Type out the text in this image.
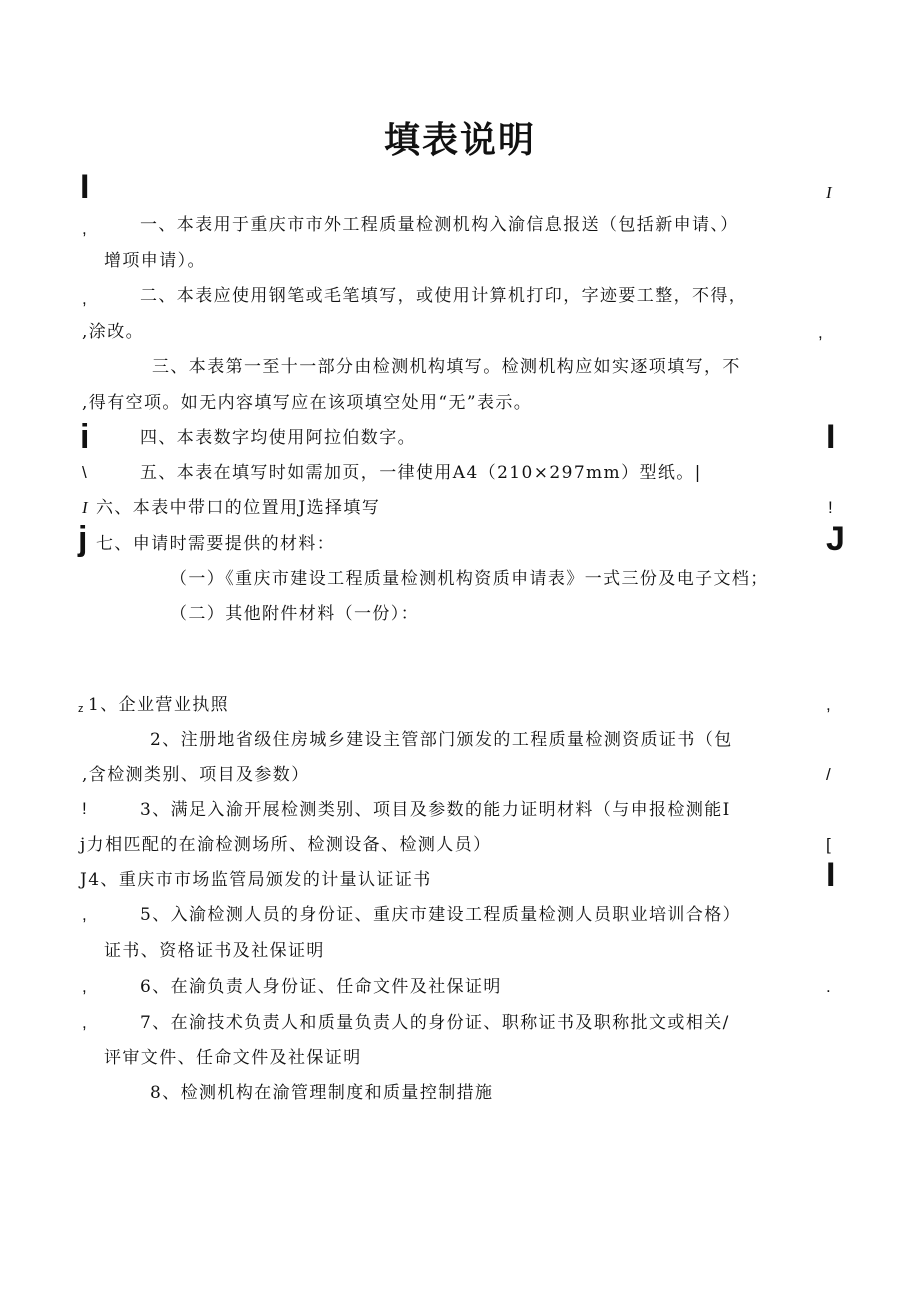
填表说明
I	I
,
,
,
i	I
\
I	!
j	J
z	,
/
!
[
I
,
,	.
,
一、本表用于重庆市市外工程质量检测机构入渝信息报送（包括新申请、）
增项申请）。
二、本表应使用钢笔或毛笔填写，或使用计算机打印，字迹要工整，不得，
,涂改。
三、本表第一至十一部分由检测机构填写。检测机构应如实逐项填写，不
,得有空项。如无内容填写应在该项填空处用“无”表示。
四、本表数字均使用阿拉伯数字。
五、本表在填写时如需加页，一律使用A4（210×297mm）型纸。|
六、本表中带口的位置用J选择填写
七、申请时需要提供的材料：
（一）《重庆市建设工程质量检测机构资质申请表》一式三份及电子文档；
（二）其他附件材料（一份）：
1、企业营业执照
2、注册地省级住房城乡建设主管部门颁发的工程质量检测资质证书（包
,含检测类别、项目及参数）
3、满足入渝开展检测类别、项目及参数的能力证明材料（与申报检测能I
j力相匹配的在渝检测场所、检测设备、检测人员）
J4、重庆市市场监管局颁发的计量认证证书
5、入渝检测人员的身份证、重庆市建设工程质量检测人员职业培训合格）
证书、资格证书及社保证明
6、在渝负责人身份证、任命文件及社保证明
7、在渝技术负责人和质量负责人的身份证、职称证书及职称批文或相关/
评审文件、任命文件及社保证明
8、检测机构在渝管理制度和质量控制措施
